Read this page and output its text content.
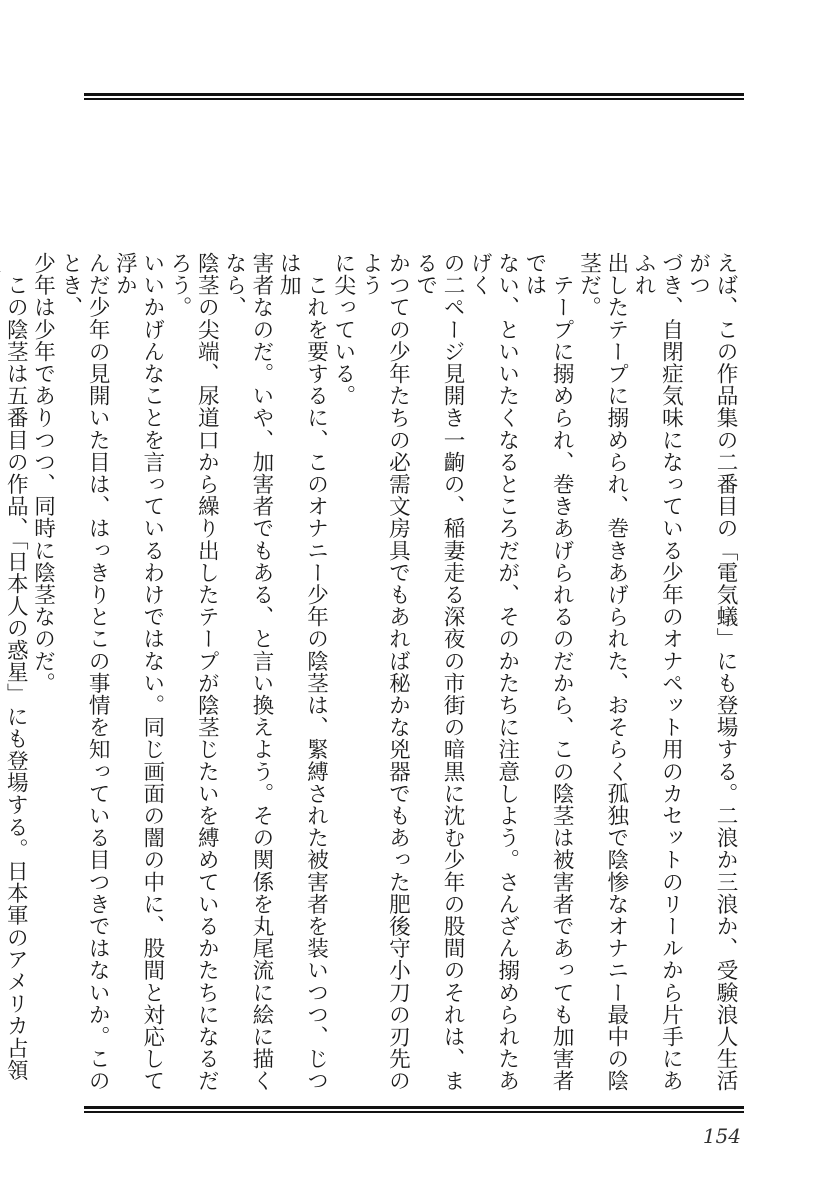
えば、この作品集の二番目の「電気蟻」にも登場する。二浪か三浪か、受験浪人生活がつ

づき、自閉症気味になっている少年のオナペット用のカセットのリールから片手にあふれ

出したテープに搦められ、巻きあげられた、おそらく孤独で陰惨なオナニー最中の陰茎だ。

　テープに搦められ、巻きあげられるのだから、この陰茎は被害者であっても加害者では

ない、といいたくなるところだが、そのかたちに注意しよう。さんざん搦められたあげく

の二ページ見開き一齣の、稲妻走る深夜の市街の暗黒に沈む少年の股間のそれは、まるで

かつての少年たちの必需文房具でもあれば秘かな兇器でもあった肥後守小刀の刃先のよう

に尖っている。

　これを要するに、このオナニー少年の陰茎は、緊縛された被害者を装いつつ、じつは加

害者なのだ。いや、加害者でもある、と言い換えよう。その関係を丸尾流に絵に描くなら、

陰茎の尖端、尿道口から繰り出したテープが陰茎じたいを縛めているかたちになるだろう。

いいかげんなことを言っているわけではない。同じ画面の闇の中に、股間と対応して浮か

んだ少年の見開いた目は、はっきりとこの事情を知っている目つきではないか。このとき、

少年は少年でありつつ、同時に陰茎なのだ。

　この陰茎は五番目の作品、「日本人の惑星」にも登場する。日本軍のアメリカ占領

154
